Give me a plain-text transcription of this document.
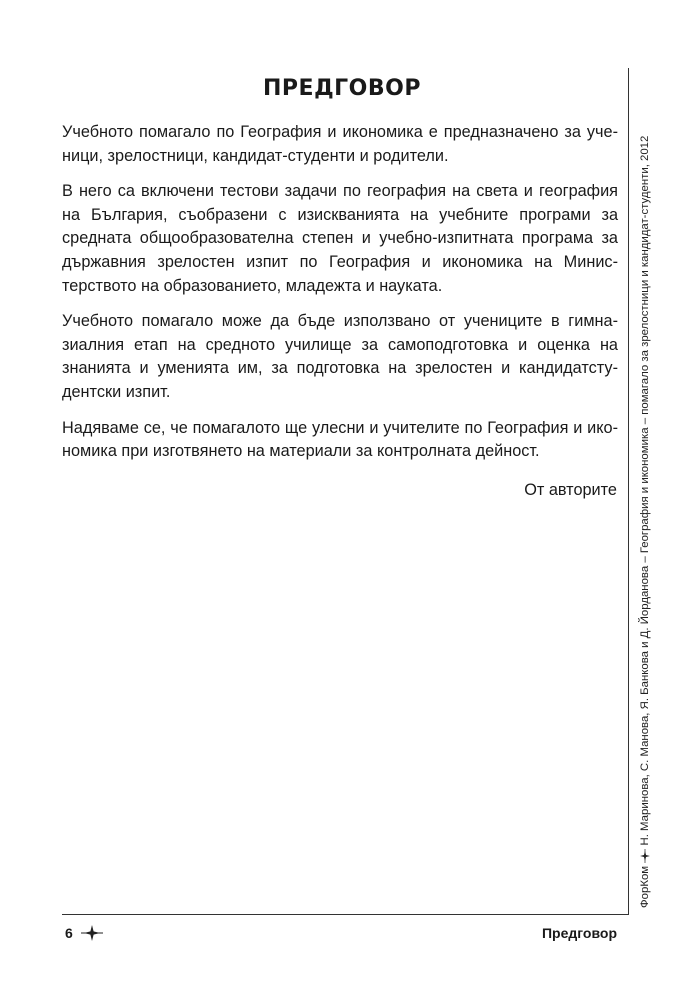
ПРЕДГОВОР

Учебното помагало по География и икономика е предназначено за ученици, зрелостници, кандидат-студенти и родители.

В него са включени тестови задачи по география на света и география на България, съобразени с изискванията на учебните програми за средната общообразователна степен и учебно-изпитната програма за държавния зрелостен изпит по География и икономика на Министерството на образованието, младежта и науката.

Учебното помагало може да бъде използвано от учениците в гимназиалния етап на средното училище за самоподготовка и оценка на знанията и уменията им, за подготовка на зрелостен и кандидатстудентски изпит.

Надяваме се, че помагалото ще улесни и учителите по География и икономика при изготвянето на материали за контролната дейност.

От авторите
ФорКом  Н. Маринова, С. Манова, Я. Банкова и Д. Йорданова – География и икономика – помагало за зрелостници и кандидат-студенти, 2012
6	Предговор
